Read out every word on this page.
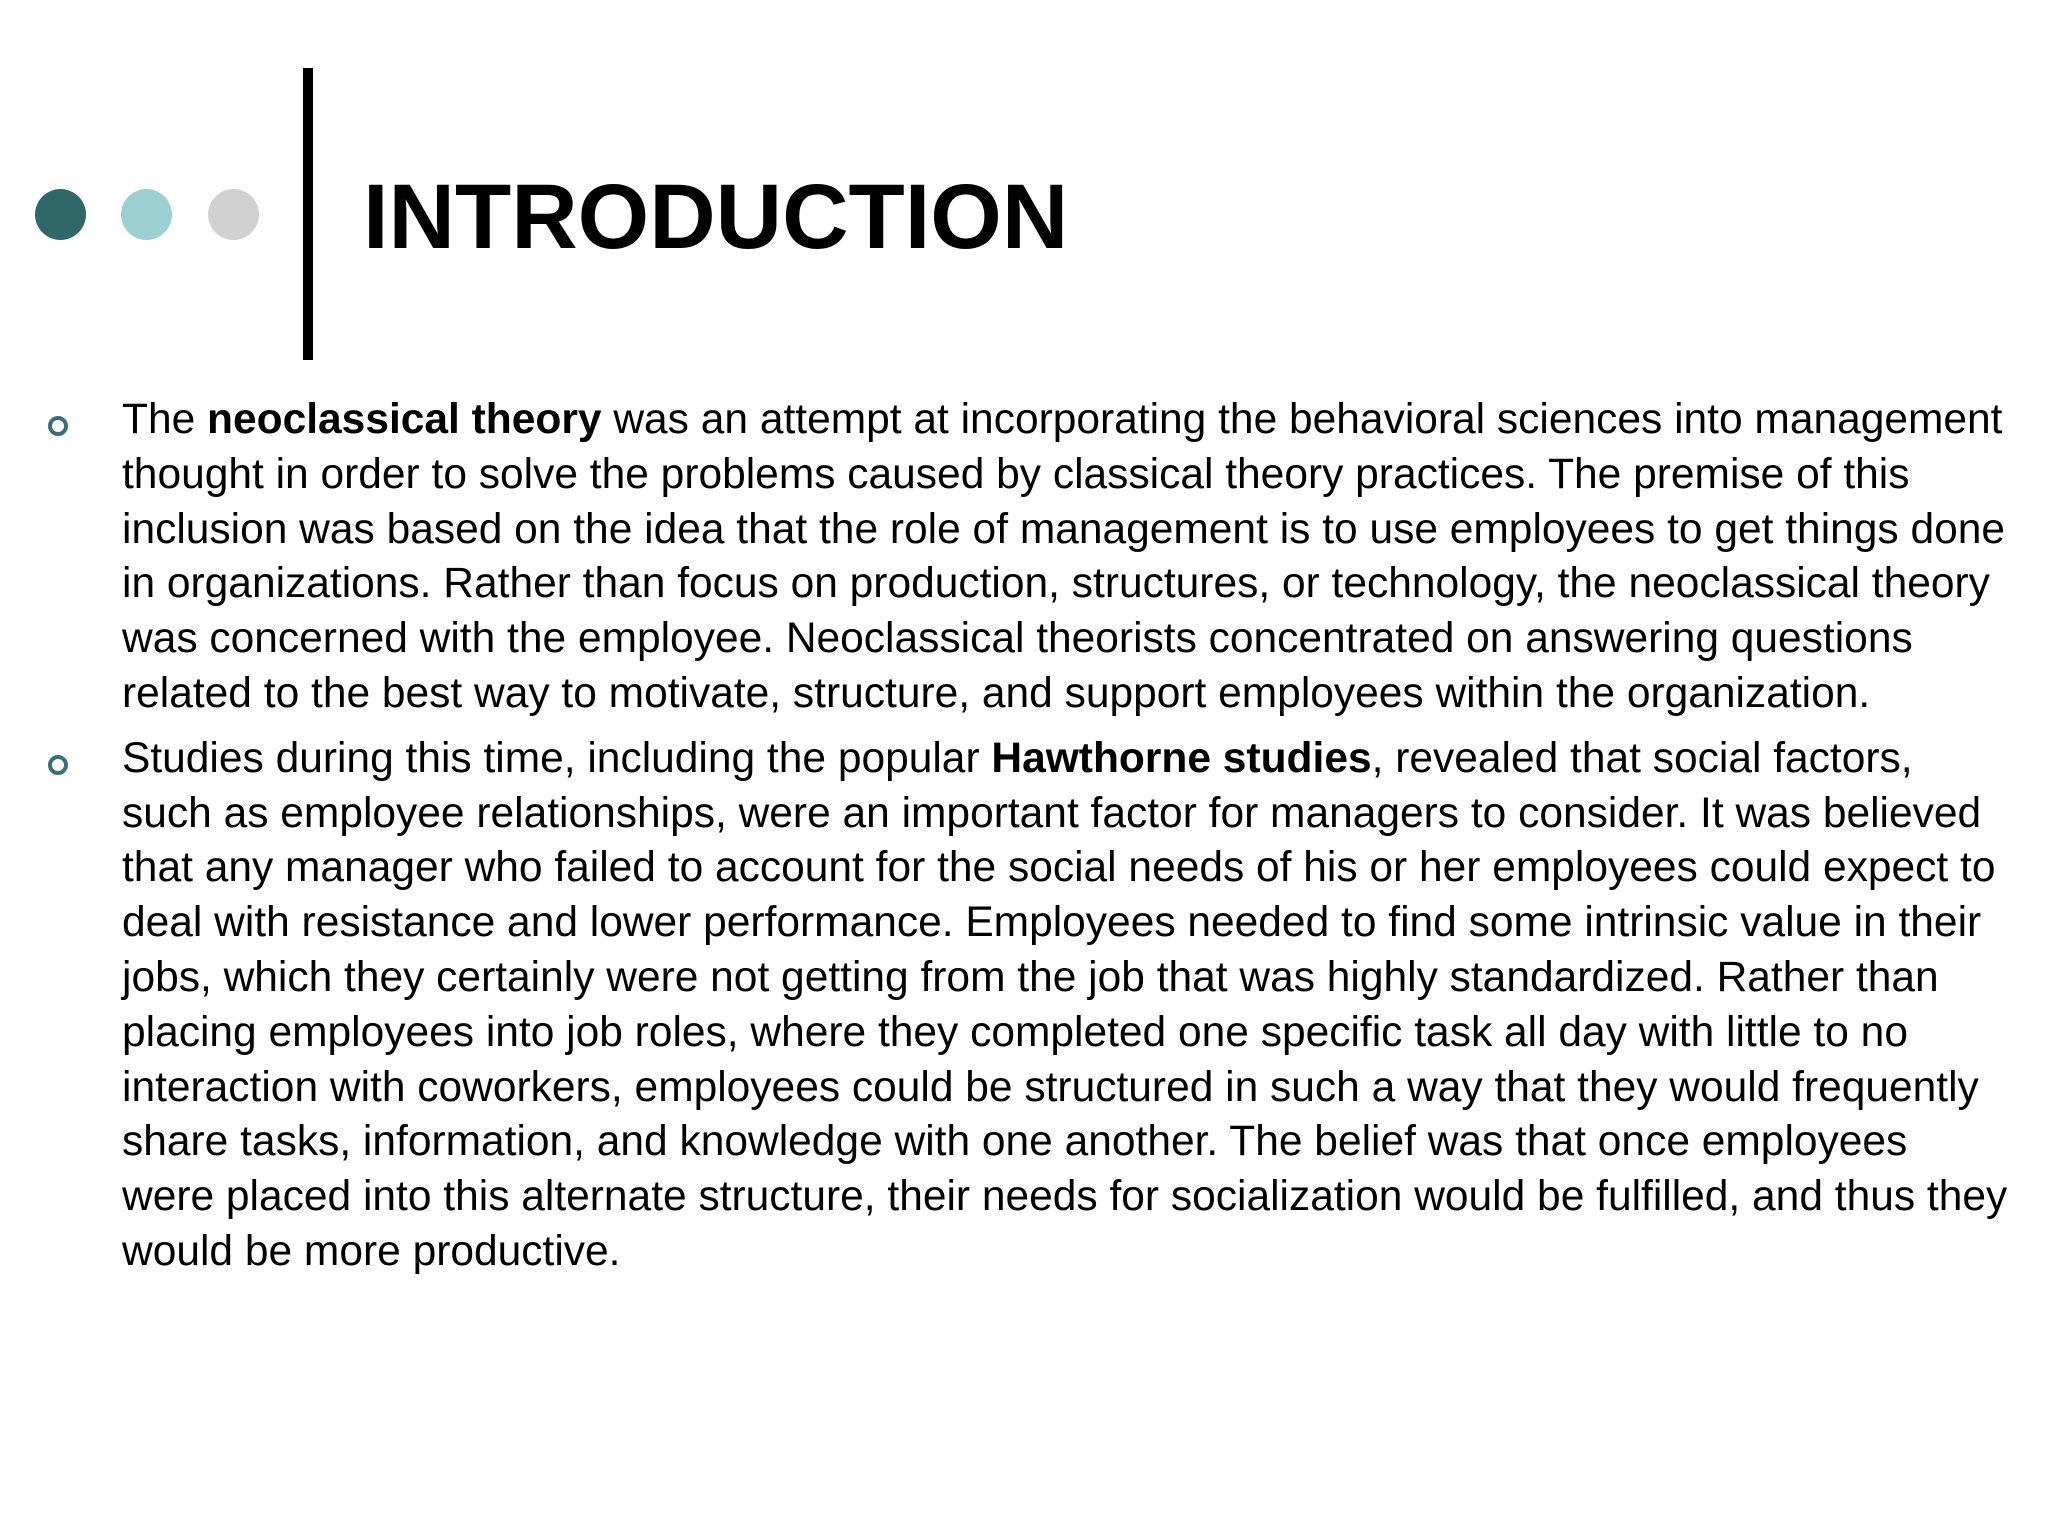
INTRODUCTION
The neoclassical theory was an attempt at incorporating the behavioral sciences into management thought in order to solve the problems caused by classical theory practices. The premise of this inclusion was based on the idea that the role of management is to use employees to get things done in organizations. Rather than focus on production, structures, or technology, the neoclassical theory was concerned with the employee. Neoclassical theorists concentrated on answering questions related to the best way to motivate, structure, and support employees within the organization.
Studies during this time, including the popular Hawthorne studies, revealed that social factors, such as employee relationships, were an important factor for managers to consider. It was believed that any manager who failed to account for the social needs of his or her employees could expect to deal with resistance and lower performance. Employees needed to find some intrinsic value in their jobs, which they certainly were not getting from the job that was highly standardized. Rather than placing employees into job roles, where they completed one specific task all day with little to no interaction with coworkers, employees could be structured in such a way that they would frequently share tasks, information, and knowledge with one another. The belief was that once employees were placed into this alternate structure, their needs for socialization would be fulfilled, and thus they would be more productive.
